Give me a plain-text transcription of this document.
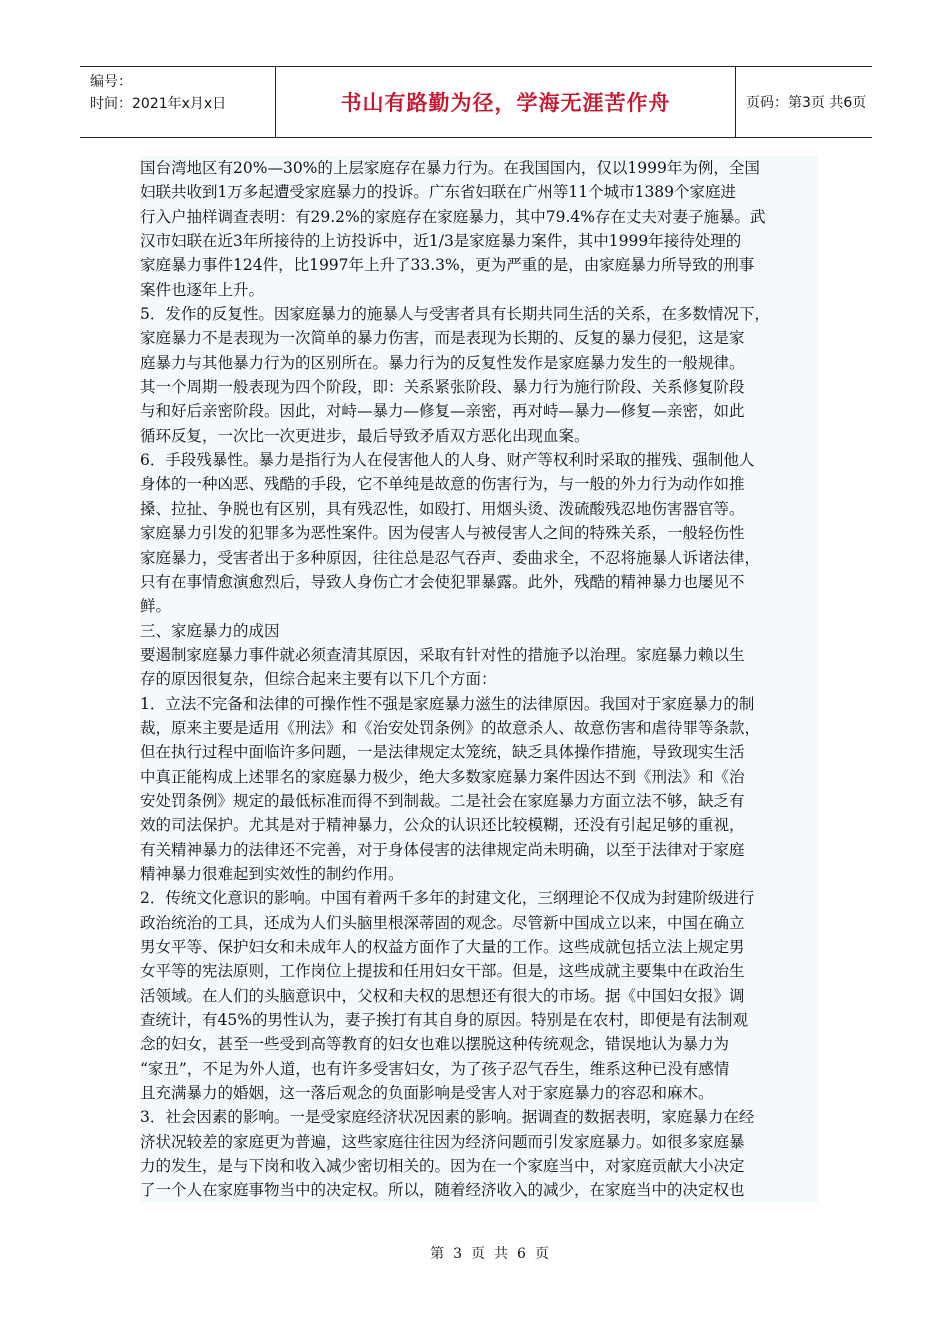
编号：
时间：2021年x月x日	书山有路勤为径，学海无涯苦作舟	页码：第3页 共6页
国台湾地区有20%—30%的上层家庭存在暴力行为。在我国国内，仅以1999年为例，全国
妇联共收到1万多起遭受家庭暴力的投诉。广东省妇联在广州等11个城市1389个家庭进
行入户抽样调查表明：有29.2%的家庭存在家庭暴力，其中79.4%存在丈夫对妻子施暴。武
汉市妇联在近3年所接待的上访投诉中，近1/3是家庭暴力案件，其中1999年接待处理的
家庭暴力事件124件，比1997年上升了33.3%，更为严重的是，由家庭暴力所导致的刑事
案件也逐年上升。
5．发作的反复性。因家庭暴力的施暴人与受害者具有长期共同生活的关系，在多数情况下，
家庭暴力不是表现为一次简单的暴力伤害，而是表现为长期的、反复的暴力侵犯，这是家
庭暴力与其他暴力行为的区别所在。暴力行为的反复性发作是家庭暴力发生的一般规律。
其一个周期一般表现为四个阶段，即：关系紧张阶段、暴力行为施行阶段、关系修复阶段
与和好后亲密阶段。因此，对峙—暴力—修复—亲密，再对峙—暴力—修复—亲密，如此
循环反复，一次比一次更进步，最后导致矛盾双方恶化出现血案。
6．手段残暴性。暴力是指行为人在侵害他人的人身、财产等权利时采取的摧残、强制他人
身体的一种凶恶、残酷的手段，它不单纯是故意的伤害行为，与一般的外力行为动作如推
搡、拉扯、争脱也有区别，具有残忍性，如殴打、用烟头烫、泼硫酸残忍地伤害器官等。
家庭暴力引发的犯罪多为恶性案件。因为侵害人与被侵害人之间的特殊关系，一般轻伤性
家庭暴力，受害者出于多种原因，往往总是忍气吞声、委曲求全，不忍将施暴人诉诸法律，
只有在事情愈演愈烈后，导致人身伤亡才会使犯罪暴露。此外，残酷的精神暴力也屡见不
鲜。
三、家庭暴力的成因
要遏制家庭暴力事件就必须查清其原因，采取有针对性的措施予以治理。家庭暴力赖以生
存的原因很复杂，但综合起来主要有以下几个方面：
1．立法不完备和法律的可操作性不强是家庭暴力滋生的法律原因。我国对于家庭暴力的制
裁，原来主要是适用《刑法》和《治安处罚条例》的故意杀人、故意伤害和虐待罪等条款，
但在执行过程中面临许多问题，一是法律规定太笼统，缺乏具体操作措施，导致现实生活
中真正能构成上述罪名的家庭暴力极少，绝大多数家庭暴力案件因达不到《刑法》和《治
安处罚条例》规定的最低标准而得不到制裁。二是社会在家庭暴力方面立法不够，缺乏有
效的司法保护。尤其是对于精神暴力，公众的认识还比较模糊，还没有引起足够的重视，
有关精神暴力的法律还不完善，对于身体侵害的法律规定尚未明确，以至于法律对于家庭
精神暴力很难起到实效性的制约作用。
2．传统文化意识的影响。中国有着两千多年的封建文化，三纲理论不仅成为封建阶级进行
政治统治的工具，还成为人们头脑里根深蒂固的观念。尽管新中国成立以来，中国在确立
男女平等、保护妇女和未成年人的权益方面作了大量的工作。这些成就包括立法上规定男
女平等的宪法原则，工作岗位上提拔和任用妇女干部。但是，这些成就主要集中在政治生
活领域。在人们的头脑意识中，父权和夫权的思想还有很大的市场。据《中国妇女报》调
查统计，有45%的男性认为，妻子挨打有其自身的原因。特别是在农村，即便是有法制观
念的妇女，甚至一些受到高等教育的妇女也难以摆脱这种传统观念，错误地认为暴力为
“家丑”，不足为外人道，也有许多受害妇女，为了孩子忍气吞生，维系这种已没有感情
且充满暴力的婚姻，这一落后观念的负面影响是受害人对于家庭暴力的容忍和麻木。
3．社会因素的影响。一是受家庭经济状况因素的影响。据调查的数据表明，家庭暴力在经
济状况较差的家庭更为普遍，这些家庭往往因为经济问题而引发家庭暴力。如很多家庭暴
力的发生，是与下岗和收入减少密切相关的。因为在一个家庭当中，对家庭贡献大小决定
了一个人在家庭事物当中的决定权。所以，随着经济收入的减少，在家庭当中的决定权也
第 3 页 共 6 页
